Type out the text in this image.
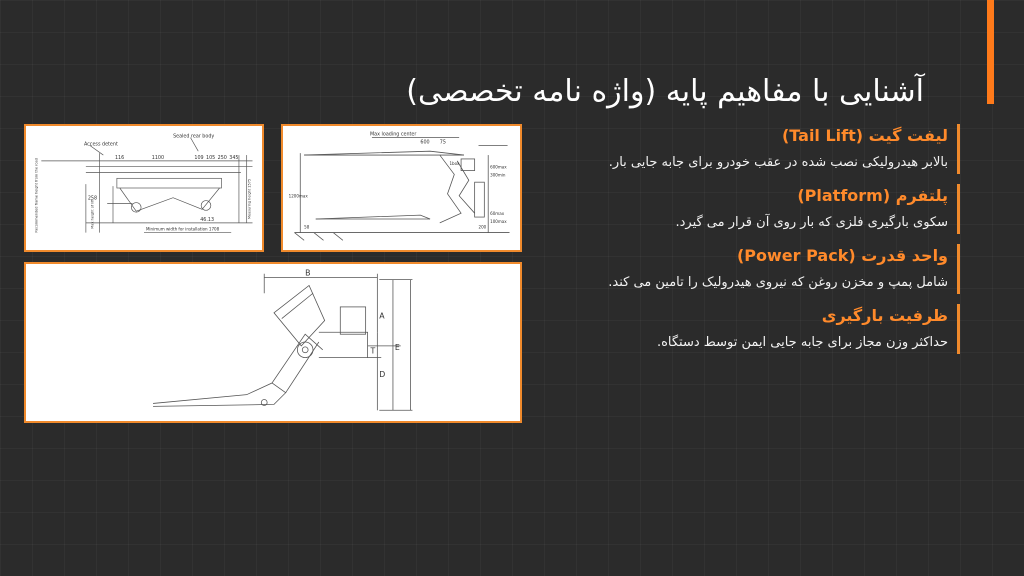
آشنایی با مفاهیم پایه (واژه نامه تخصصی)
Sealed rear body
Access detent
Recommended frame height from the road	Max height of lift	Measuring height 1575
Minimum width for installation 1708
116	1100	109 105 250 345
258
46.13
Max loading center
600 75
1200max
300min
600max
60max
100max
200
1box
58
B
A
T E
D
لیفت گیت (Tail Lift)
بالابر هیدرولیکی نصب شده در عقب خودرو برای جابه جایی بار.
پلتفرم (Platform)
سکوی بارگیری فلزی که بار روی آن قرار می گیرد.
واحد قدرت (Power Pack)
شامل پمپ و مخزن روغن که نیروی هیدرولیک را تامین می کند.
ظرفیت بارگیری
حداکثر وزن مجاز برای جابه جایی ایمن توسط دستگاه.
